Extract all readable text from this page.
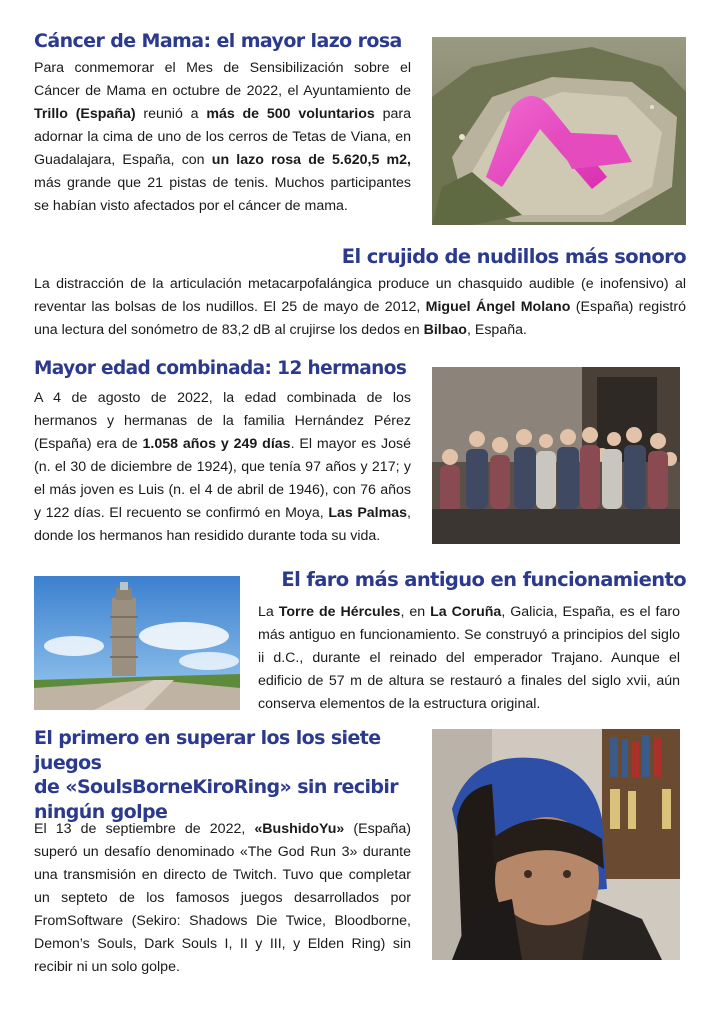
Cáncer de Mama: el mayor lazo rosa

Para conmemorar el Mes de Sensibilización sobre el Cáncer de Mama en octubre de 2022, el Ayuntamiento de Trillo (España) reunió a más de 500 voluntarios para adornar la cima de uno de los cerros de Tetas de Viana, en Guadalajara, España, con un lazo rosa de 5.620,5 m2, más grande que 21 pistas de tenis. Muchos participantes se habían visto afectados por el cáncer de mama.

El crujido de nudillos más sonoro

La distracción de la articulación metacarpofalángica produce un chasquido audible (e inofensivo) al reventar las bolsas de los nudillos. El 25 de mayo de 2012, Miguel Ángel Molano (España) registró una lectura del sonómetro de 83,2 dB al crujirse los dedos en Bilbao, España.

Mayor edad combinada: 12 hermanos

A 4 de agosto de 2022, la edad combinada de los hermanos y hermanas de la familia Hernández Pérez (España) era de 1.058 años y 249 días. El mayor es José (n. el 30 de diciembre de 1924), que tenía 97 años y 217; y el más joven es Luis (n. el 4 de abril de 1946), con 76 años y 122 días. El recuento se confirmó en Moya, Las Palmas, donde los hermanos han residido durante toda su vida.

El faro más antiguo en funcionamiento

La Torre de Hércules, en La Coruña, Galicia, España, es el faro más antiguo en funcionamiento. Se construyó a principios del siglo ii d.C., durante el reinado del emperador Trajano. Aunque el edificio de 57 m de altura se restauró a finales del siglo xvii, aún conserva elementos de la estructura original.

El primero en superar los los siete juegos
de «SoulsBorneKiroRing» sin recibir
ningún golpe

El 13 de septiembre de 2022, «BushidoYu» (España) superó un desafío denominado «The God Run 3» durante una transmisión en directo de Twitch. Tuvo que completar un septeto de los famosos juegos desarrollados por FromSoftware (Sekiro: Shadows Die Twice, Bloodborne, Demon’s Souls, Dark Souls I, II y III, y Elden Ring) sin recibir ni un solo golpe.
